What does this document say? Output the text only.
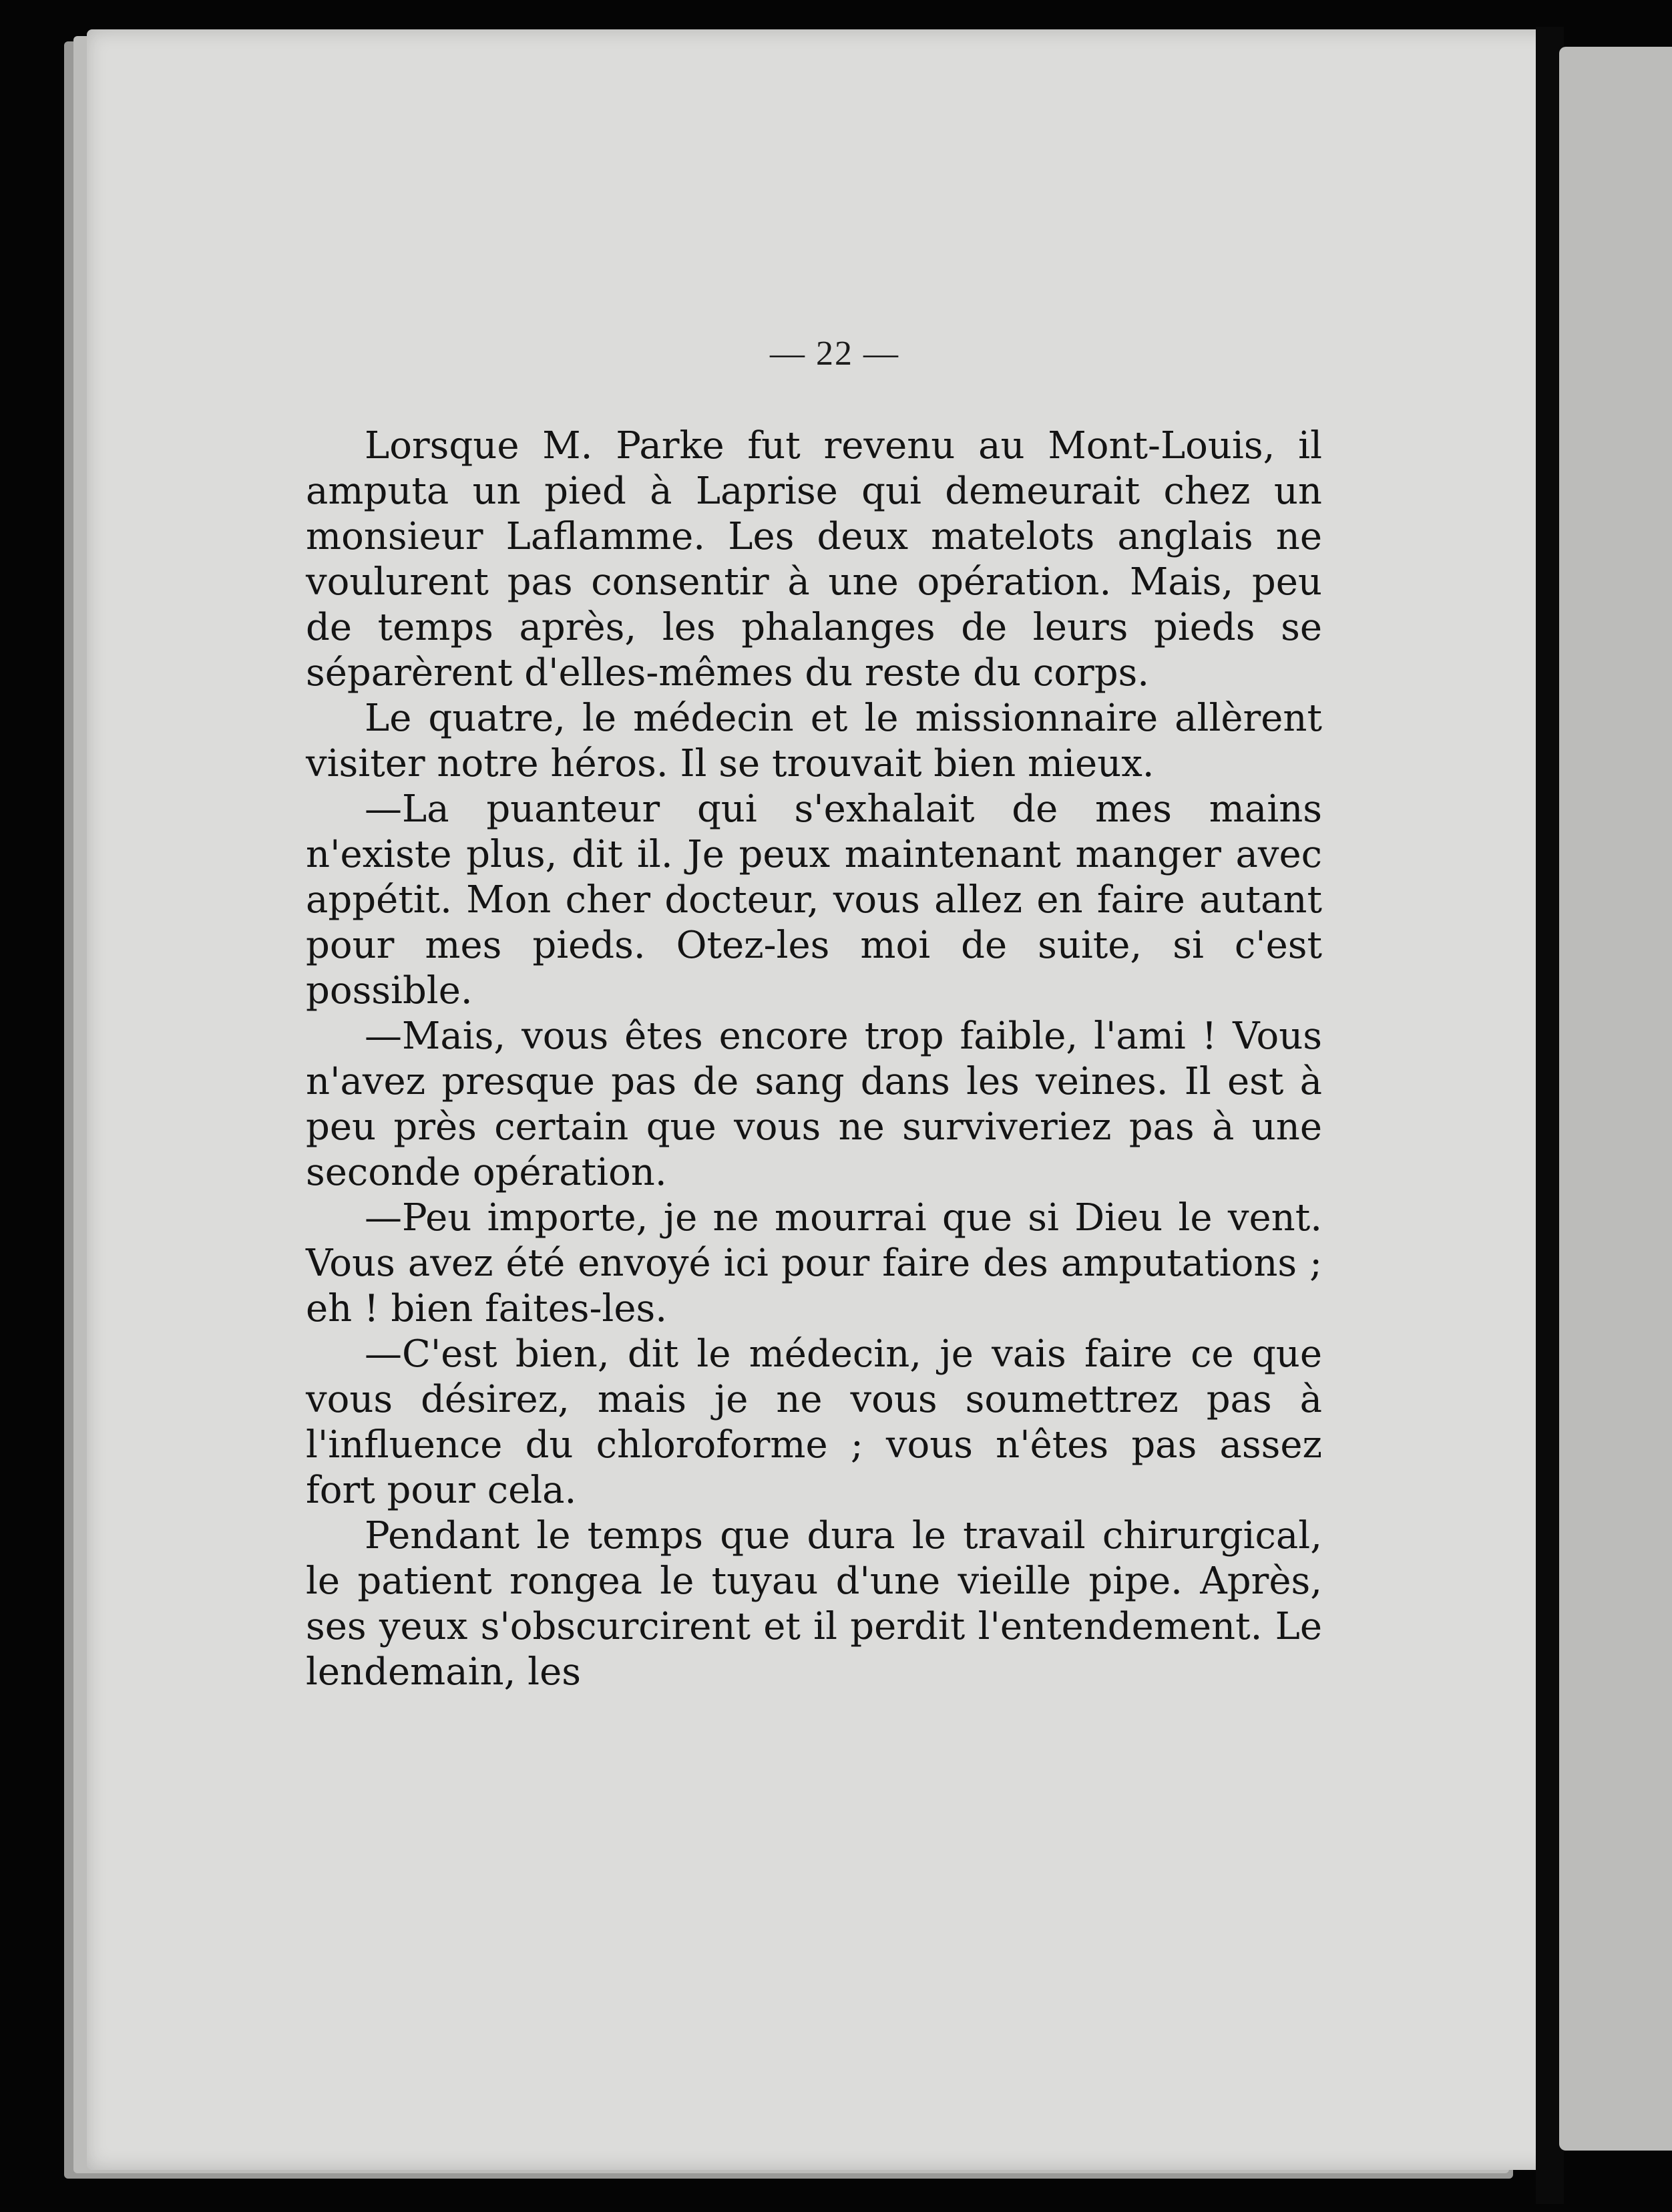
— 22 —

Lorsque M. Parke fut revenu au Mont-Louis, il amputa un pied à Laprise qui demeurait chez un monsieur Laflamme. Les deux matelots anglais ne voulurent pas consentir à une opération. Mais, peu de temps après, les phalanges de leurs pieds se séparèrent d'elles-mêmes du reste du corps.

Le quatre, le médecin et le missionnaire allèrent visiter notre héros. Il se trouvait bien mieux.

—La puanteur qui s'exhalait de mes mains n'existe plus, dit il. Je peux maintenant manger avec appétit. Mon cher docteur, vous allez en faire autant pour mes pieds. Otez-les moi de suite, si c'est possible.

—Mais, vous êtes encore trop faible, l'ami ! Vous n'avez presque pas de sang dans les veines. Il est à peu près certain que vous ne surviveriez pas à une seconde opération.

—Peu importe, je ne mourrai que si Dieu le vent. Vous avez été envoyé ici pour faire des amputations ; eh ! bien faites-les.

—C'est bien, dit le médecin, je vais faire ce que vous désirez, mais je ne vous soumettrez pas à l'influence du chloroforme ; vous n'êtes pas assez fort pour cela.

Pendant le temps que dura le travail chirurgical, le patient rongea le tuyau d'une vieille pipe. Après, ses yeux s'obscurcirent et il perdit l'entendement. Le lendemain, les
